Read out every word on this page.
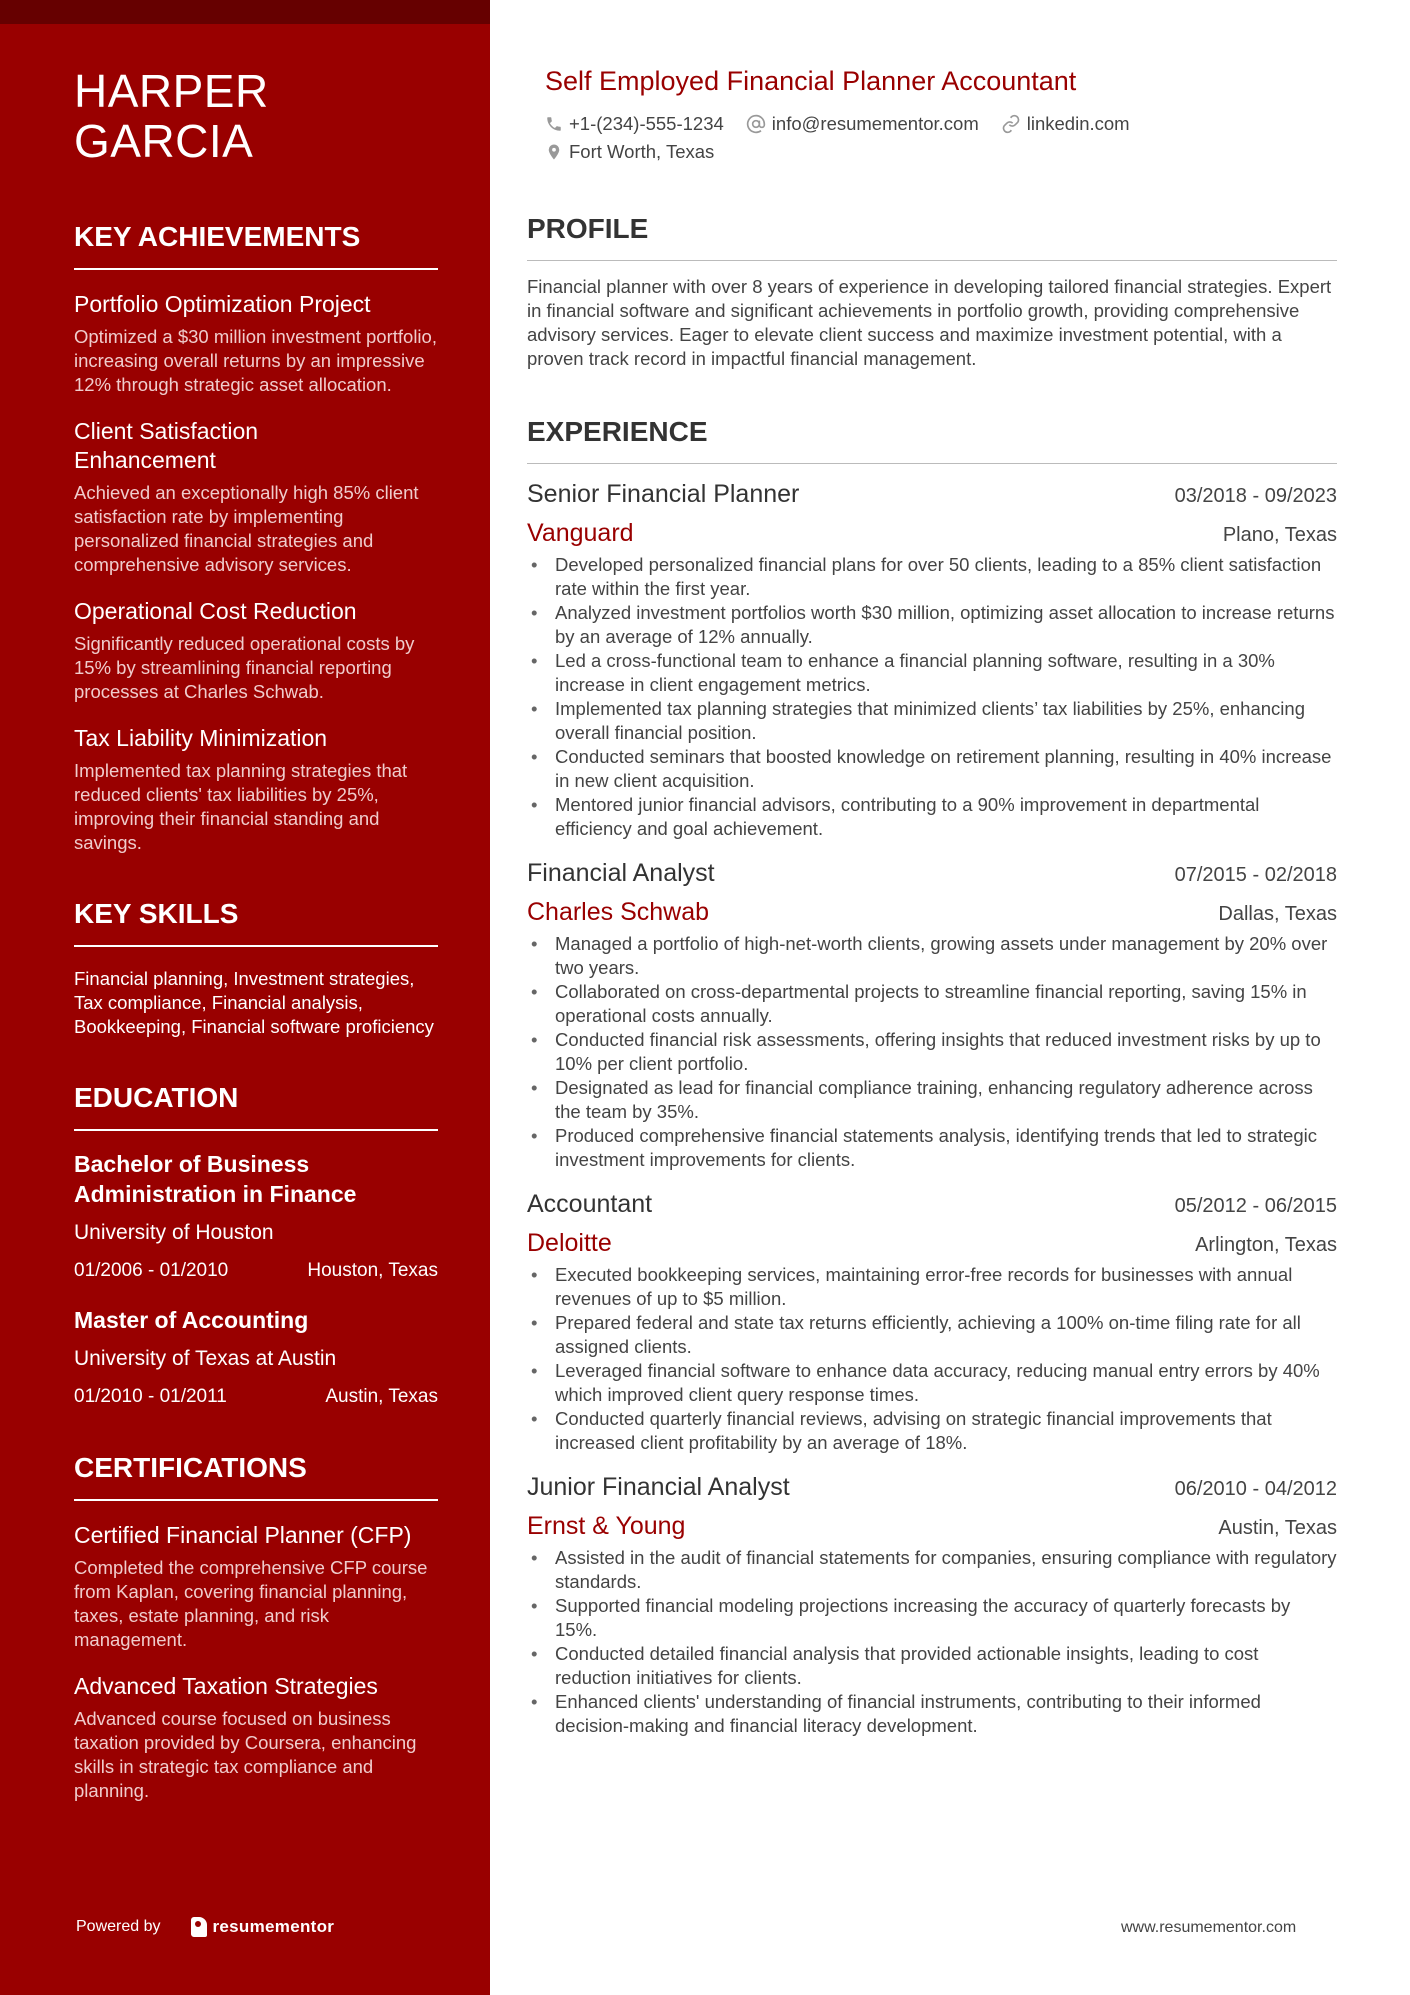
HARPER GARCIA
KEY ACHIEVEMENTS
Portfolio Optimization Project
Optimized a $30 million investment portfolio, increasing overall returns by an impressive 12% through strategic asset allocation.
Client Satisfaction Enhancement
Achieved an exceptionally high 85% client satisfaction rate by implementing personalized financial strategies and comprehensive advisory services.
Operational Cost Reduction
Significantly reduced operational costs by 15% by streamlining financial reporting processes at Charles Schwab.
Tax Liability Minimization
Implemented tax planning strategies that reduced clients' tax liabilities by 25%, improving their financial standing and savings.
KEY SKILLS
Financial planning, Investment strategies, Tax compliance, Financial analysis, Bookkeeping, Financial software proficiency
EDUCATION
Bachelor of Business Administration in Finance
University of Houston
01/2006 - 01/2010	Houston, Texas
Master of Accounting
University of Texas at Austin
01/2010 - 01/2011	Austin, Texas
CERTIFICATIONS
Certified Financial Planner (CFP)
Completed the comprehensive CFP course from Kaplan, covering financial planning, taxes, estate planning, and risk management.
Advanced Taxation Strategies
Advanced course focused on business taxation provided by Coursera, enhancing skills in strategic tax compliance and planning.
Powered by	resumementor
Self Employed Financial Planner Accountant
+1-(234)-555-1234	info@resumementor.com	linkedin.com
Fort Worth, Texas
PROFILE

Financial planner with over 8 years of experience in developing tailored financial strategies. Expert in financial software and significant achievements in portfolio growth, providing comprehensive advisory services. Eager to elevate client success and maximize investment potential, with a proven track record in impactful financial management.

EXPERIENCE
Senior Financial Planner	03/2018 - 09/2023
Vanguard	Plano, Texas
• Developed personalized financial plans for over 50 clients, leading to a 85% client satisfaction rate within the first year.
• Analyzed investment portfolios worth $30 million, optimizing asset allocation to increase returns by an average of 12% annually.
• Led a cross-functional team to enhance a financial planning software, resulting in a 30% increase in client engagement metrics.
• Implemented tax planning strategies that minimized clients’ tax liabilities by 25%, enhancing overall financial position.
• Conducted seminars that boosted knowledge on retirement planning, resulting in 40% increase in new client acquisition.
• Mentored junior financial advisors, contributing to a 90% improvement in departmental efficiency and goal achievement.
Financial Analyst	07/2015 - 02/2018
Charles Schwab	Dallas, Texas
• Managed a portfolio of high-net-worth clients, growing assets under management by 20% over two years.
• Collaborated on cross-departmental projects to streamline financial reporting, saving 15% in operational costs annually.
• Conducted financial risk assessments, offering insights that reduced investment risks by up to 10% per client portfolio.
• Designated as lead for financial compliance training, enhancing regulatory adherence across the team by 35%.
• Produced comprehensive financial statements analysis, identifying trends that led to strategic investment improvements for clients.
Accountant	05/2012 - 06/2015
Deloitte	Arlington, Texas
• Executed bookkeeping services, maintaining error-free records for businesses with annual revenues of up to $5 million.
• Prepared federal and state tax returns efficiently, achieving a 100% on-time filing rate for all assigned clients.
• Leveraged financial software to enhance data accuracy, reducing manual entry errors by 40% which improved client query response times.
• Conducted quarterly financial reviews, advising on strategic financial improvements that increased client profitability by an average of 18%.
Junior Financial Analyst	06/2010 - 04/2012
Ernst & Young	Austin, Texas
• Assisted in the audit of financial statements for companies, ensuring compliance with regulatory standards.
• Supported financial modeling projections increasing the accuracy of quarterly forecasts by 15%.
• Conducted detailed financial analysis that provided actionable insights, leading to cost reduction initiatives for clients.
• Enhanced clients' understanding of financial instruments, contributing to their informed decision-making and financial literacy development.
www.resumementor.com
